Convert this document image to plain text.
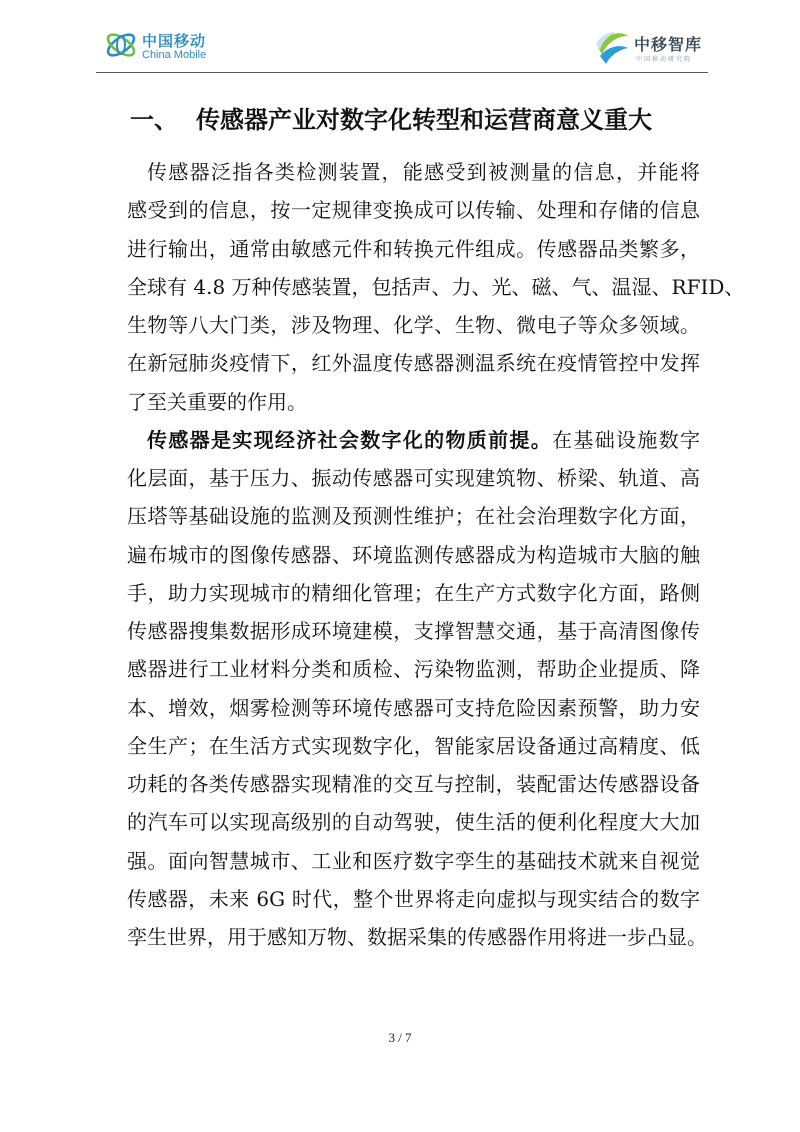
中国移动
China Mobile
中移智库
中国移动研究院
一、 传感器产业对数字化转型和运营商意义重大
传感器泛指各类检测装置，能感受到被测量的信息，并能将
感受到的信息，按一定规律变换成可以传输、处理和存储的信息
进行输出，通常由敏感元件和转换元件组成。传感器品类繁多，
全球有 4.8 万种传感装置，包括声、力、光、磁、气、温湿、RFID、
生物等八大门类，涉及物理、化学、生物、微电子等众多领域。
在新冠肺炎疫情下，红外温度传感器测温系统在疫情管控中发挥
了至关重要的作用。
传感器是实现经济社会数字化的物质前提。在基础设施数字
化层面，基于压力、振动传感器可实现建筑物、桥梁、轨道、高
压塔等基础设施的监测及预测性维护；在社会治理数字化方面，
遍布城市的图像传感器、环境监测传感器成为构造城市大脑的触
手，助力实现城市的精细化管理；在生产方式数字化方面，路侧
传感器搜集数据形成环境建模，支撑智慧交通，基于高清图像传
感器进行工业材料分类和质检、污染物监测，帮助企业提质、降
本、增效，烟雾检测等环境传感器可支持危险因素预警，助力安
全生产；在生活方式实现数字化，智能家居设备通过高精度、低
功耗的各类传感器实现精准的交互与控制，装配雷达传感器设备
的汽车可以实现高级别的自动驾驶，使生活的便利化程度大大加
强。面向智慧城市、工业和医疗数字孪生的基础技术就来自视觉
传感器，未来 6G 时代，整个世界将走向虚拟与现实结合的数字
孪生世界，用于感知万物、数据采集的传感器作用将进一步凸显。
3 / 7
